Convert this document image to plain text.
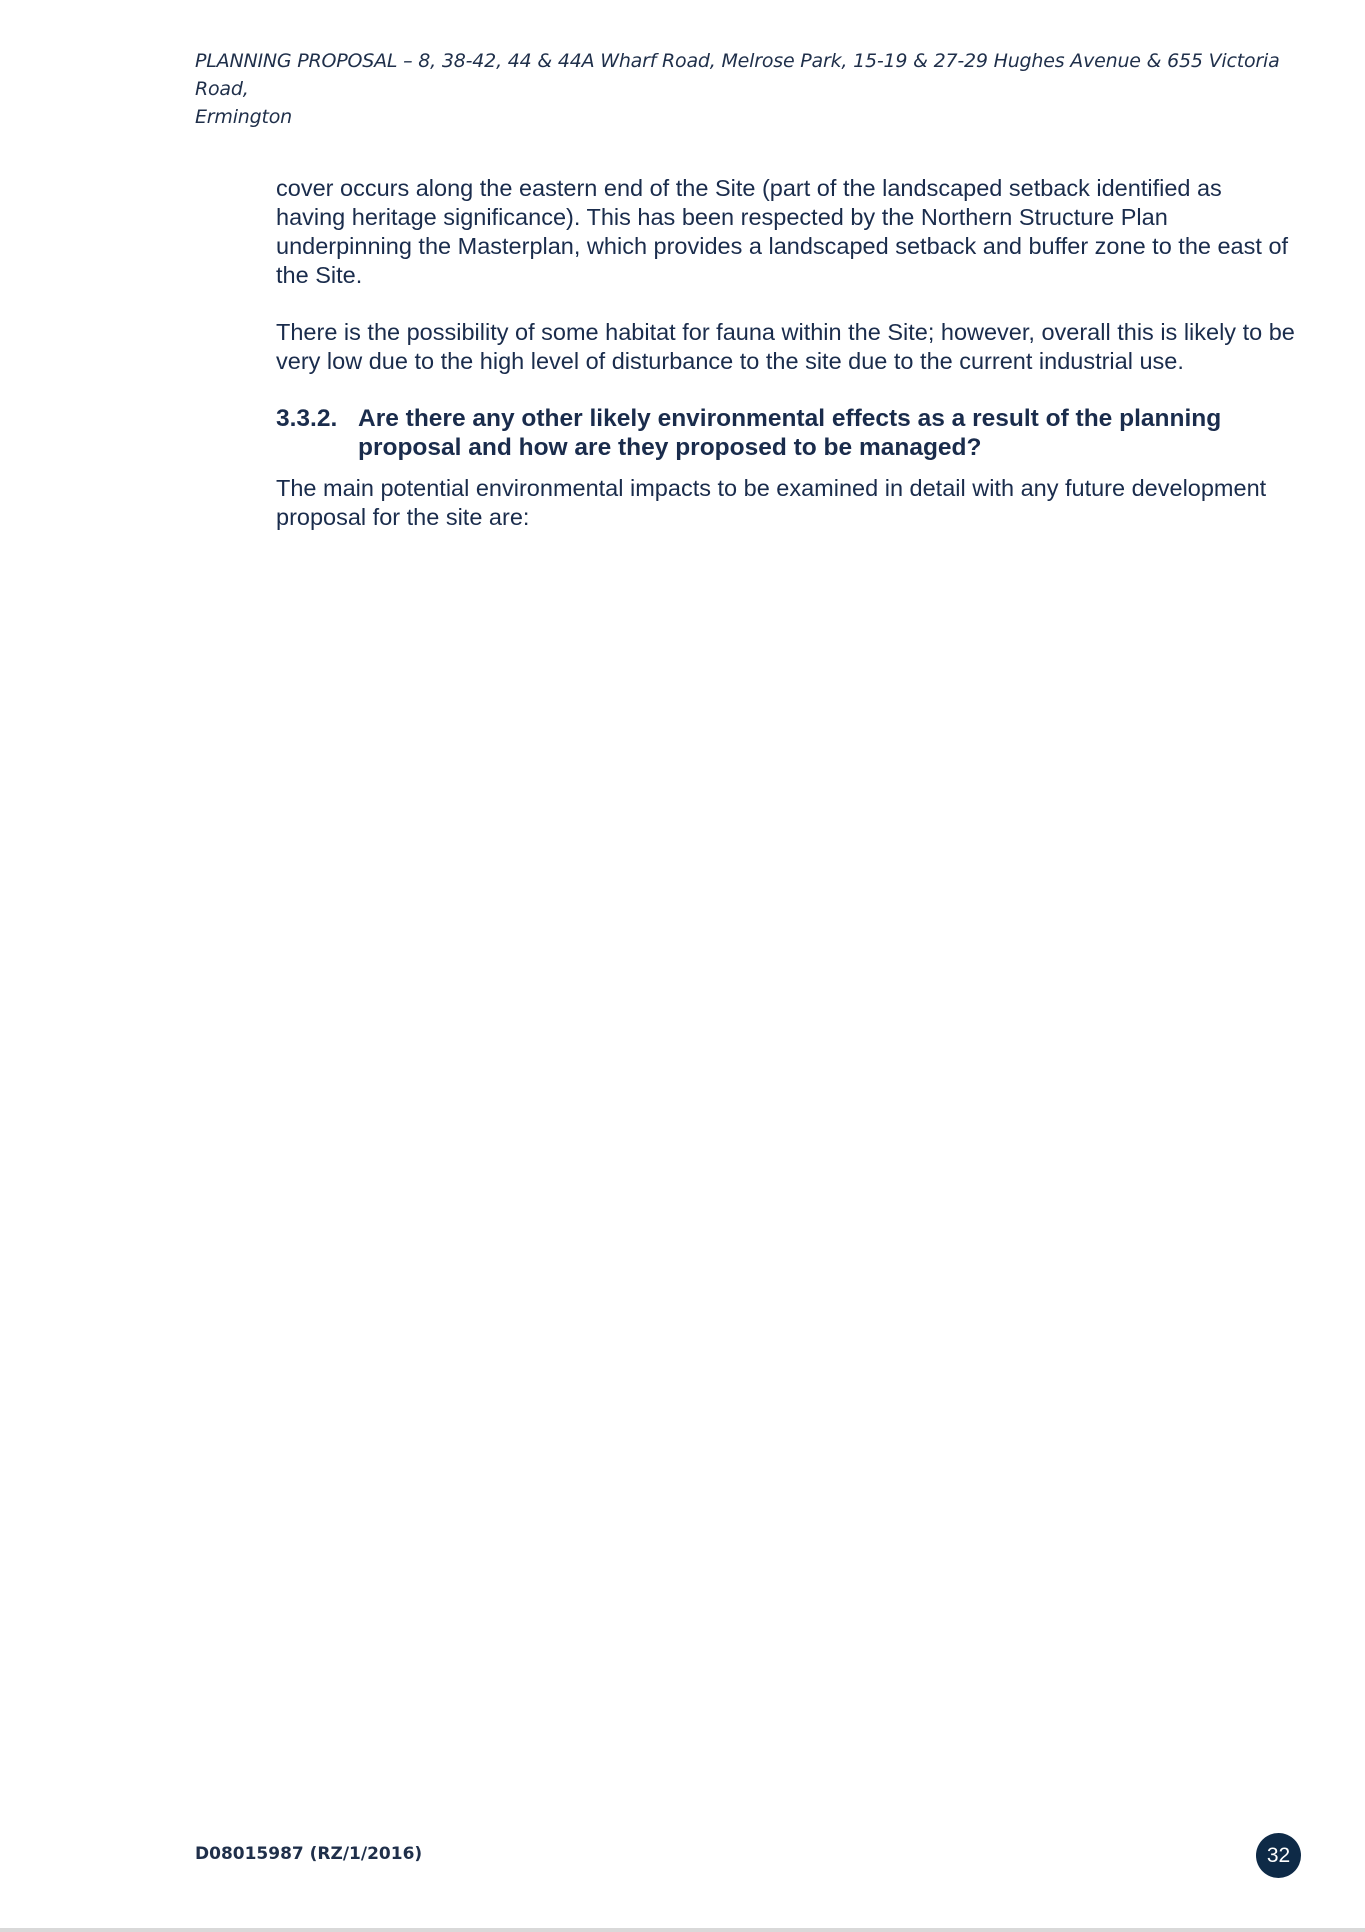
PLANNING PROPOSAL – 8, 38-42, 44 & 44A Wharf Road, Melrose Park, 15-19 & 27-29 Hughes Avenue & 655 Victoria Road,
Ermington

cover occurs along the eastern end of the Site (part of the landscaped setback identified as having heritage significance). This has been respected by the Northern Structure Plan underpinning the Masterplan, which provides a landscaped setback and buffer zone to the east of the Site.

There is the possibility of some habitat for fauna within the Site; however, overall this is likely to be very low due to the high level of disturbance to the site due to the current industrial use.

3.3.2. Are there any other likely environmental effects as a result of the planning proposal and how are they proposed to be managed?

The main potential environmental impacts to be examined in detail with any future development proposal for the site are:

D08015987 (RZ/1/2016)	32
